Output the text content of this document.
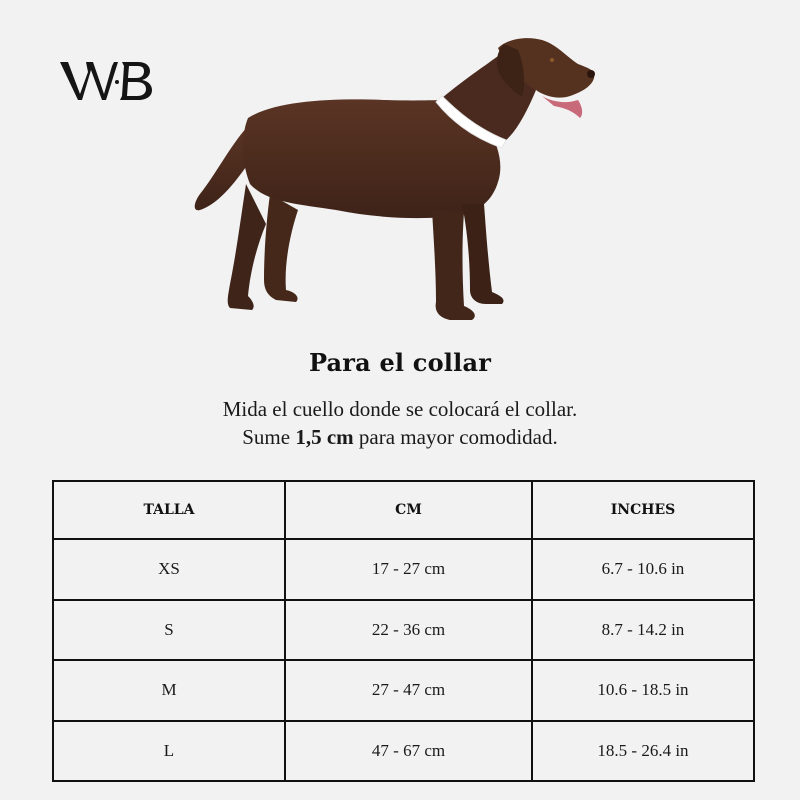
Para el collar
Mida el cuello donde se colocará el collar.
Sume 1,5 cm para mayor comodidad.
TALLA	CM	INCHES
XS	17 - 27 cm	6.7 - 10.6 in
S	22 - 36 cm	8.7 - 14.2 in
M	27 - 47 cm	10.6 - 18.5 in
L	47 - 67 cm	18.5 - 26.4 in
